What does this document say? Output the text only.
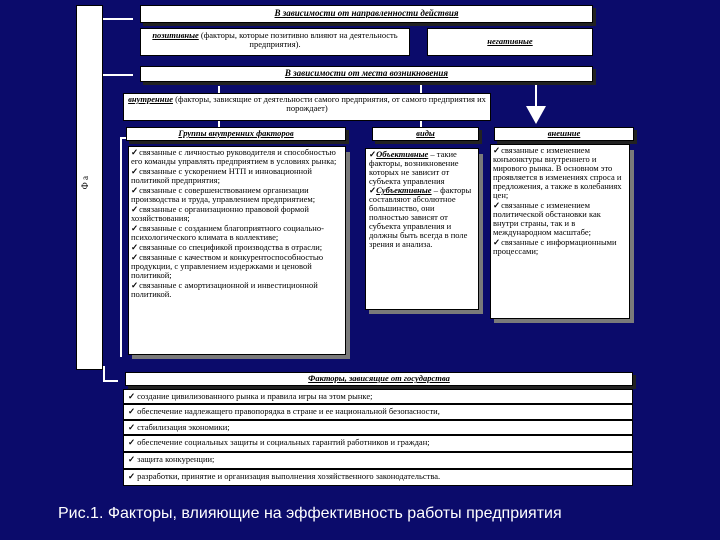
Ф а
В зависимости от направленности действия
позитивные (факторы, которые позитивно влияют на деятельность предприятия).	негативные
В зависимости от места возникновения
внутренние (факторы, зависящие от деятельности самого предприятия, от самого предприятия их порождает)
Группы внутренних факторов	виды	внешние
✓ связанные с личностью руководителя и способностью его команды управлять предприятием в условиях рынка;
✓ связанные с ускорением НТП и инновационной политикой предприятия;
✓ связанные с совершенствованием организации производства и труда, управлением предприятием;
✓ связанные с организационно правовой формой хозяйствования;
✓ связанные с созданием благоприятного социально-психологического климата в коллективе;
✓ связанные со спецификой производства в отрасли;
✓ связанные с качеством и конкурентоспособностью продукции, с управлением издержками и ценовой политикой;
✓ связанные с амортизационной и инвестиционной политикой.
✓Объективные – такие факторы, возникновение которых не зависит от субъекта управления
✓Субъективные – факторы составляют абсолютное большинство, они полностью зависят от субъекта управления и должны быть всегда в поле зрения и анализа.
✓ связанные с изменением конъюнктуры внутреннего и мирового рынка. В основном это проявляется в изменениях спроса и предложения, а также в колебаниях цен;
✓ связанные с изменением политической обстановки как внутри страны, так и в международном масштабе;
✓ связанные с информационными процессами;
Факторы, зависящие от государства
✓ создание цивилизованного рынка и правила игры на этом рынке;
✓ обеспечение надлежащего правопорядка в стране и ее национальной безопасности,
✓ стабилизация экономики;
✓ обеспечение социальных защиты и социальных гарантий работников и граждан;
✓ защита конкуренции;
✓ разработки, принятие и организация выполнения хозяйственного законодательства.
Рис.1. Факторы, влияющие на эффективность работы предприятия
